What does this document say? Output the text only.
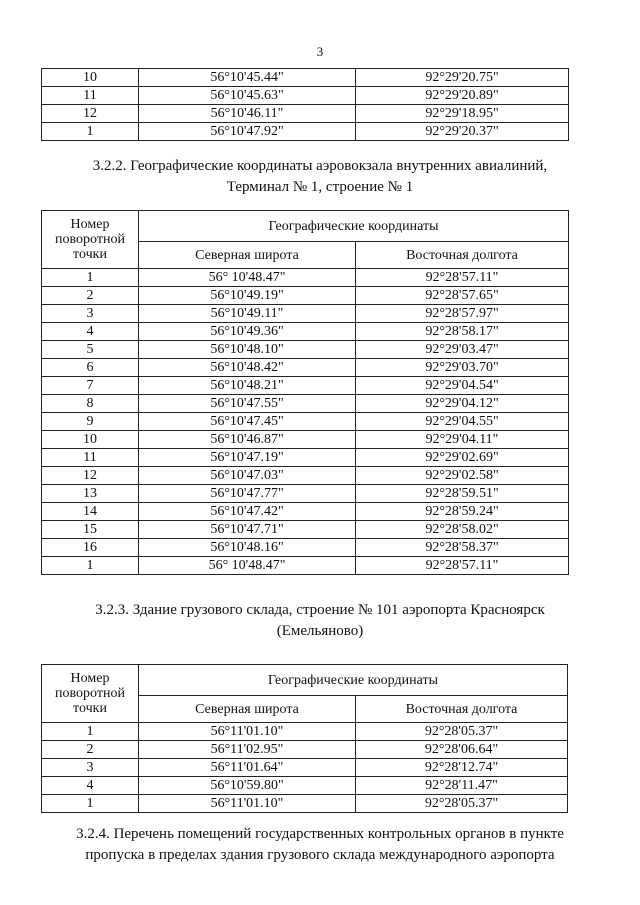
3
10	56°10'45.44"	92°29'20.75"
11	56°10'45.63"	92°29'20.89"
12	56°10'46.11"	92°29'18.95"
1	56°10'47.92"	92°29'20.37"
3.2.2. Географические координаты аэровокзала внутренних авиалиний,
Терминал № 1, строение № 1
Номер поворотной точки	Географические координаты	
	Северная широта	Восточная долгота
1	56° 10'48.47"	92°28'57.11"
2	56°10'49.19"	92°28'57.65"
3	56°10'49.11"	92°28'57.97"
4	56°10'49.36"	92°28'58.17"
5	56°10'48.10"	92°29'03.47"
6	56°10'48.42"	92°29'03.70"
7	56°10'48.21"	92°29'04.54"
8	56°10'47.55"	92°29'04.12"
9	56°10'47.45"	92°29'04.55"
10	56°10'46.87"	92°29'04.11"
11	56°10'47.19"	92°29'02.69"
12	56°10'47.03"	92°29'02.58"
13	56°10'47.77"	92°28'59.51"
14	56°10'47.42"	92°28'59.24"
15	56°10'47.71"	92°28'58.02"
16	56°10'48.16"	92°28'58.37"
1	56° 10'48.47"	92°28'57.11"
3.2.3. Здание грузового склада, строение № 101 аэропорта Красноярск
(Емельяново)
Номер поворотной точки	Географические координаты	
	Северная широта	Восточная долгота
1	56°11'01.10"	92°28'05.37"
2	56°11'02.95"	92°28'06.64"
3	56°11'01.64"	92°28'12.74"
4	56°10'59.80"	92°28'11.47"
1	56°11'01.10"	92°28'05.37"
3.2.4. Перечень помещений государственных контрольных органов в пункте
пропуска в пределах здания грузового склада международного аэропорта
